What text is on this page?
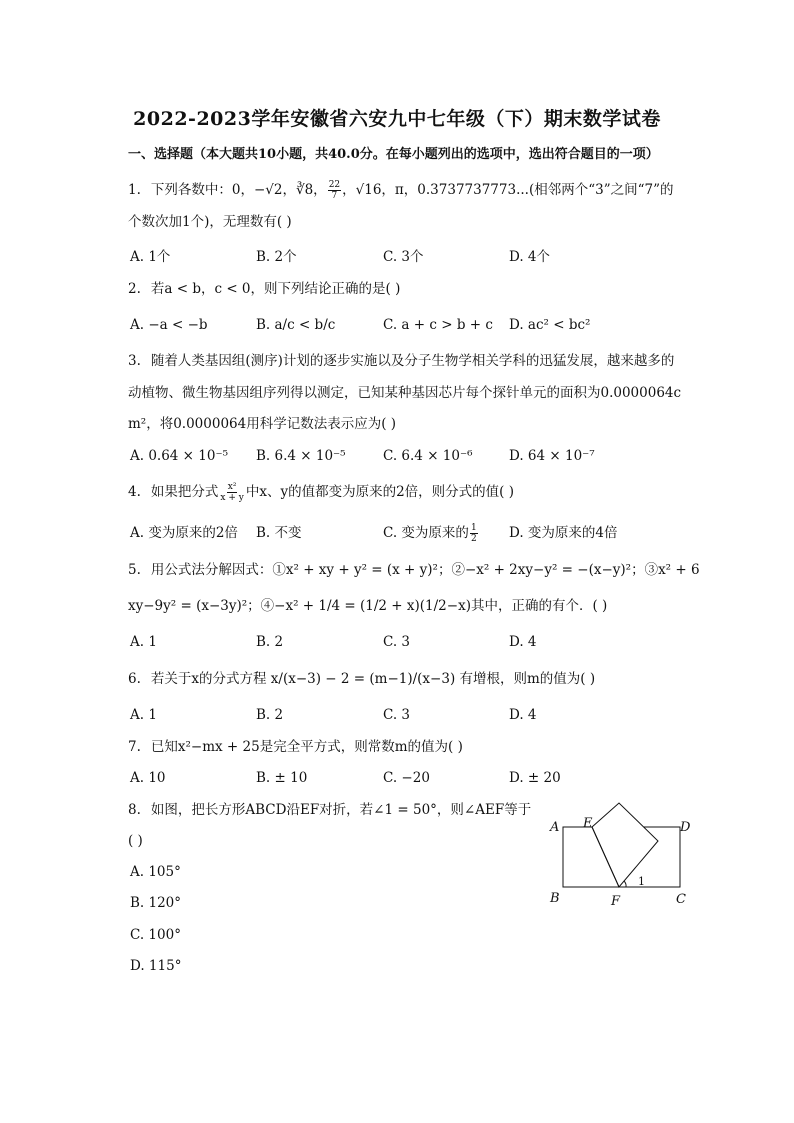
2022-2023学年安徽省六安九中七年级（下）期末数学试卷
一、选择题（本大题共10小题，共40.0分。在每小题列出的选项中，选出符合题目的一项）
1. 下列各数中：0，−√2，∛8， $\frac{22}{7}$ ，√16，π，0.3737737773...(相邻两个“3”之间“7”的
个数次加1个)，无理数有( )
A. 1个	B. 2个	C. 3个	D. 4个
2. 若a < b，c < 0，则下列结论正确的是( )
A. −a < −b	B. a/c < b/c	C. a + c > b + c D. ac² < bc²
3. 随着人类基因组(测序)计划的逐步实施以及分子生物学相关学科的迅猛发展，越来越多的
动植物、微生物基因组序列得以测定，已知某种基因芯片每个探针单元的面积为0.0000064c
m²，将0.0000064用科学记数法表示应为( )
A. 0.64 × 10⁻⁵ B. 6.4 × 10⁻⁵	C. 6.4 × 10⁻⁶	D. 64 × 10⁻⁷
4. 如果把分式 $\frac{\text{x²}}{x + y}$ 中x、y的值都变为原来的2倍，则分式的值( )
A. 变为原来的2倍 B. 不变	C. 变为原来的 $\frac{1}{2} D$. 变为原来的4倍
5. 用公式法分解因式：①x² + xy + y² = (x + y)²；②−x² + 2xy−y² = −(x−y)²；③x² + 6
xy−9y² = (x−3y)²；④−x² + 1/4 = (1/2 + x)(1/2−x)其中，正确的有个．( )
A. 1	B. 2	C. 3	D. 4
6. 若关于x的分式方程 x/(x−3) − 2 = (m−1)/(x−3) 有增根，则m的值为( )
A. 1	B. 2	C. 3	D. 4
7. 已知x²−mx + 25是完全平方式，则常数m的值为( )
A. 10	B. ± 10	C. −20	D. ± 20
8. 如图，把长方形ABCD沿EF对折，若∠1 = 50°，则∠AEF等于
( )
A. 105°
B. 120°
C. 100°
D. 115°
A E	D
B	F	C
1
